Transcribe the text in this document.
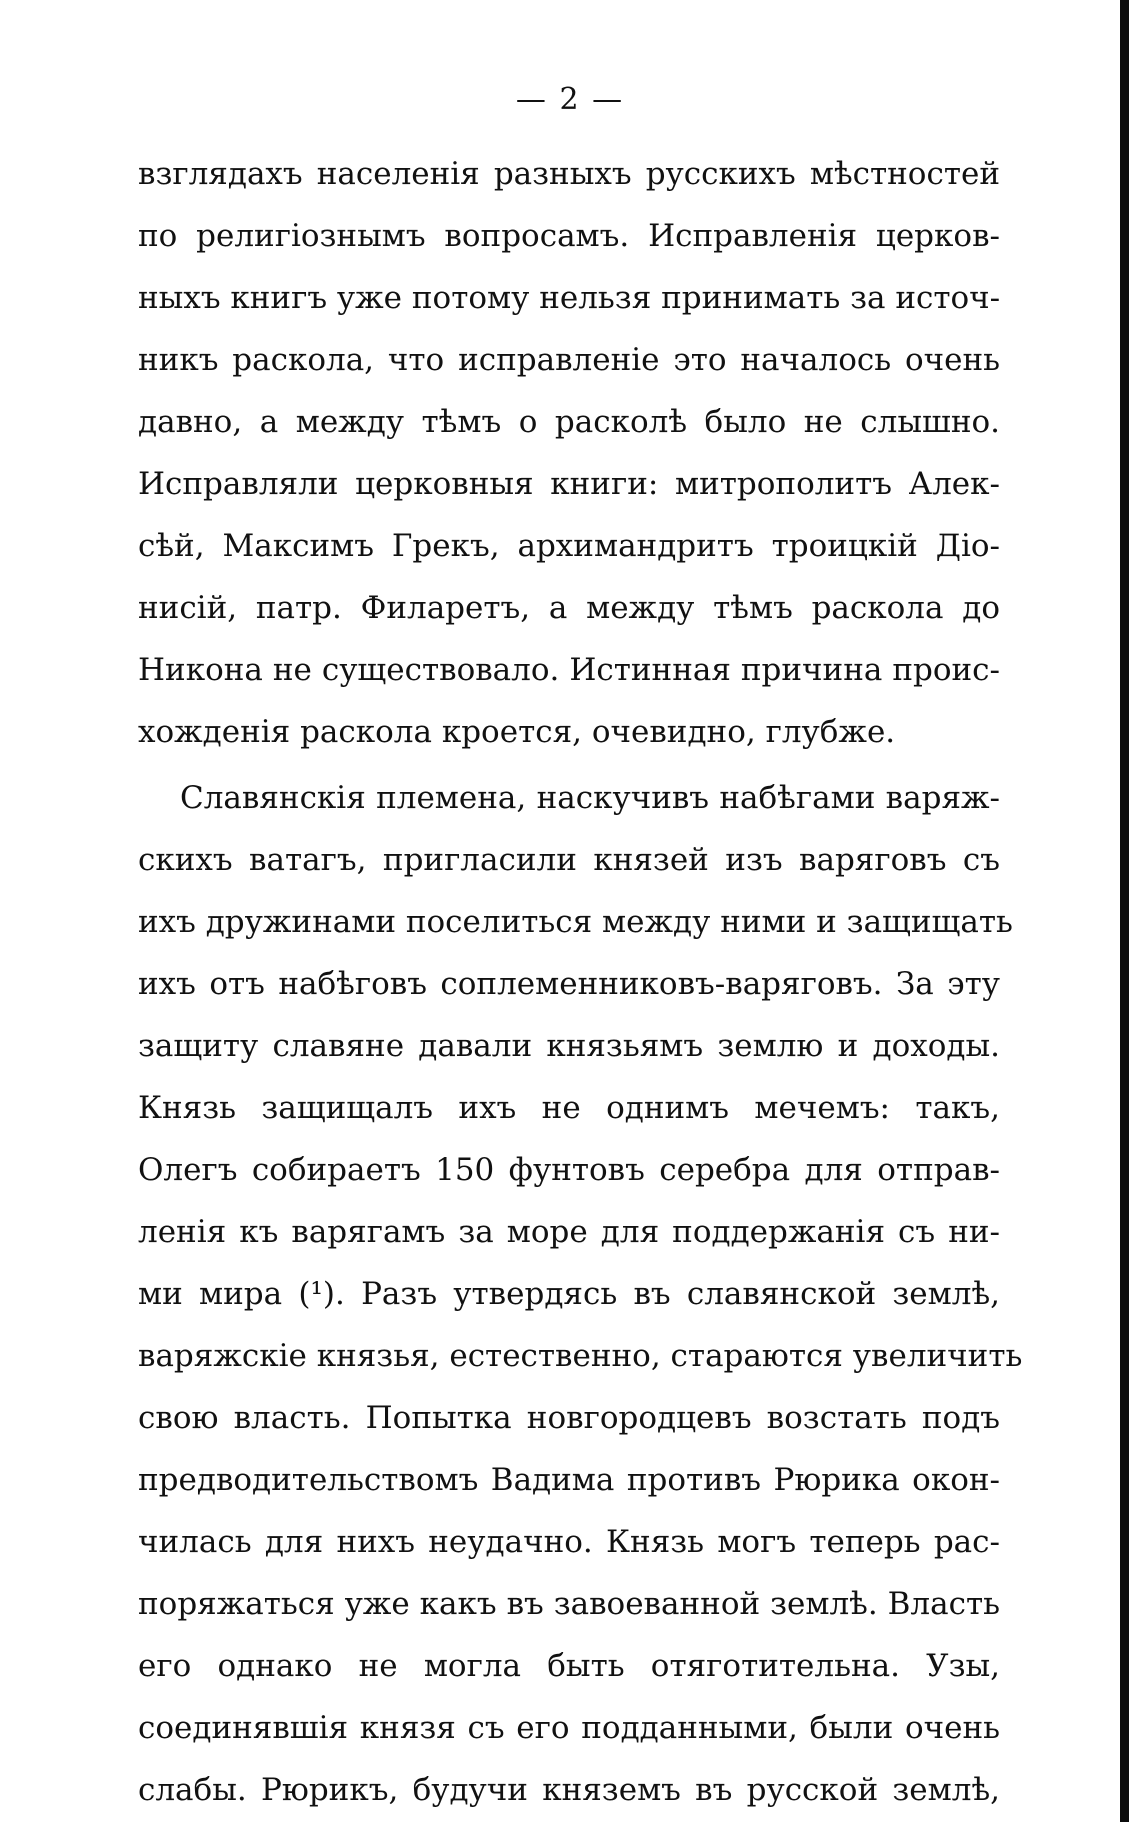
— 2 —
взглядахъ населенія разныхъ русскихъ мѣстностей
по религіознымъ вопросамъ. Исправленія церков-
ныхъ книгъ уже потому нельзя принимать за источ-
никъ раскола, что исправленіе это началось очень
давно, а между тѣмъ о расколѣ было не слышно.
Исправляли церковныя книги: митрополитъ Алек-
сѣй, Максимъ Грекъ, архимандритъ троицкій Діо-
нисій, патр. Филаретъ, а между тѣмъ раскола до
Никона не существовало. Истинная причина проис-
хожденія раскола кроется, очевидно, глубже.
Славянскія племена, наскучивъ набѣгами варяж-
скихъ ватагъ, пригласили князей изъ варяговъ съ
ихъ дружинами поселиться между ними и защищать
ихъ отъ набѣговъ соплеменниковъ-варяговъ. За эту
защиту славяне давали князьямъ землю и доходы.
Князь защищалъ ихъ не однимъ мечемъ: такъ,
Олегъ собираетъ 150 фунтовъ серебра для отправ-
ленія къ варягамъ за море для поддержанія съ ни-
ми мира (¹). Разъ утвердясь въ славянской землѣ,
варяжскіе князья, естественно, стараются увеличить
свою власть. Попытка новгородцевъ возстать подъ
предводительствомъ Вадима противъ Рюрика окон-
чилась для нихъ неудачно. Князь могъ теперь рас-
поряжаться уже какъ въ завоеванной землѣ. Власть
его однако не могла быть отяготительна. Узы,
соединявшія князя съ его подданными, были очень
слабы. Рюрикъ, будучи княземъ въ русской землѣ,
